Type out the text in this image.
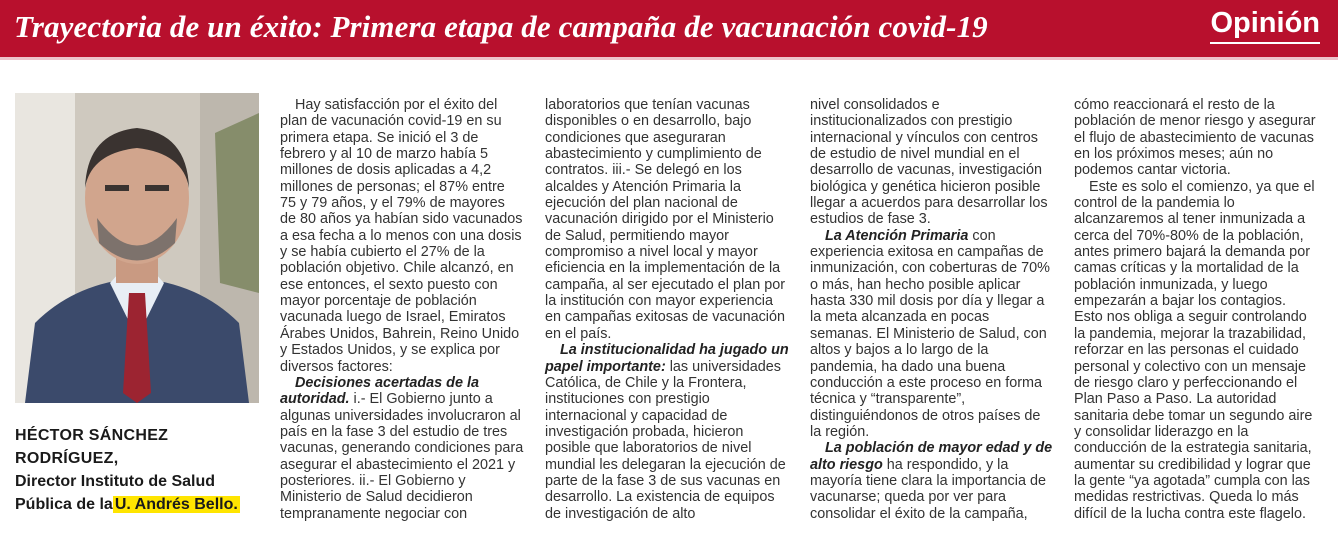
Trayectoria de un éxito: Primera etapa de campaña de vacunación covid-19	Opinión
HÉCTOR SÁNCHEZ RODRÍGUEZ,
Director Instituto de Salud Pública de la U. Andrés Bello.

Hay satisfacción por el éxito del plan de vacunación covid-19 en su primera etapa. Se inició el 3 de febrero y al 10 de marzo había 5 millones de dosis aplicadas a 4,2 millones de personas; el 87% entre 75 y 79 años, y el 79% de mayores de 80 años ya habían sido vacunados a esa fecha a lo menos con una dosis y se había cubierto el 27% de la población objetivo. Chile alcanzó, en ese entonces, el sexto puesto con mayor porcentaje de población vacunada luego de Israel, Emiratos Árabes Unidos, Bahrein, Reino Unido y Estados Unidos, y se explica por diversos factores:

Decisiones acertadas de la autoridad. i.- El Gobierno junto a algunas universidades involucraron al país en la fase 3 del estudio de tres vacunas, generando condiciones para asegurar el abastecimiento el 2021 y posteriores. ii.- El Gobierno y Ministerio de Salud decidieron tempranamente negociar con

laboratorios que tenían vacunas disponibles o en desarrollo, bajo condiciones que aseguraran abastecimiento y cumplimiento de contratos. iii.- Se delegó en los alcaldes y Atención Primaria la ejecución del plan nacional de vacunación dirigido por el Ministerio de Salud, permitiendo mayor compromiso a nivel local y mayor eficiencia en la implementación de la campaña, al ser ejecutado el plan por la institución con mayor experiencia en campañas exitosas de vacunación en el país.

La institucionalidad ha jugado un papel importante: las universidades Católica, de Chile y la Frontera, instituciones con prestigio internacional y capacidad de investigación probada, hicieron posible que laboratorios de nivel mundial les delegaran la ejecución de parte de la fase 3 de sus vacunas en desarrollo. La existencia de equipos de investigación de alto

nivel consolidados e institucionalizados con prestigio internacional y vínculos con centros de estudio de nivel mundial en el desarrollo de vacunas, investigación biológica y genética hicieron posible llegar a acuerdos para desarrollar los estudios de fase 3.

La Atención Primaria con experiencia exitosa en campañas de inmunización, con coberturas de 70% o más, han hecho posible aplicar hasta 330 mil dosis por día y llegar a la meta alcanzada en pocas semanas. El Ministerio de Salud, con altos y bajos a lo largo de la pandemia, ha dado una buena conducción a este proceso en forma técnica y “transparente”, distinguiéndonos de otros países de la región.

La población de mayor edad y de alto riesgo ha respondido, y la mayoría tiene clara la importancia de vacunarse; queda por ver para consolidar el éxito de la campaña,

cómo reaccionará el resto de la población de menor riesgo y asegurar el flujo de abastecimiento de vacunas en los próximos meses; aún no podemos cantar victoria.

Este es solo el comienzo, ya que el control de la pandemia lo alcanzaremos al tener inmunizada a cerca del 70%-80% de la población, antes primero bajará la demanda por camas críticas y la mortalidad de la población inmunizada, y luego empezarán a bajar los contagios. Esto nos obliga a seguir controlando la pandemia, mejorar la trazabilidad, reforzar en las personas el cuidado personal y colectivo con un mensaje de riesgo claro y perfeccionando el Plan Paso a Paso. La autoridad sanitaria debe tomar un segundo aire y consolidar liderazgo en la conducción de la estrategia sanitaria, aumentar su credibilidad y lograr que la gente “ya agotada” cumpla con las medidas restrictivas. Queda lo más difícil de la lucha contra este flagelo.
